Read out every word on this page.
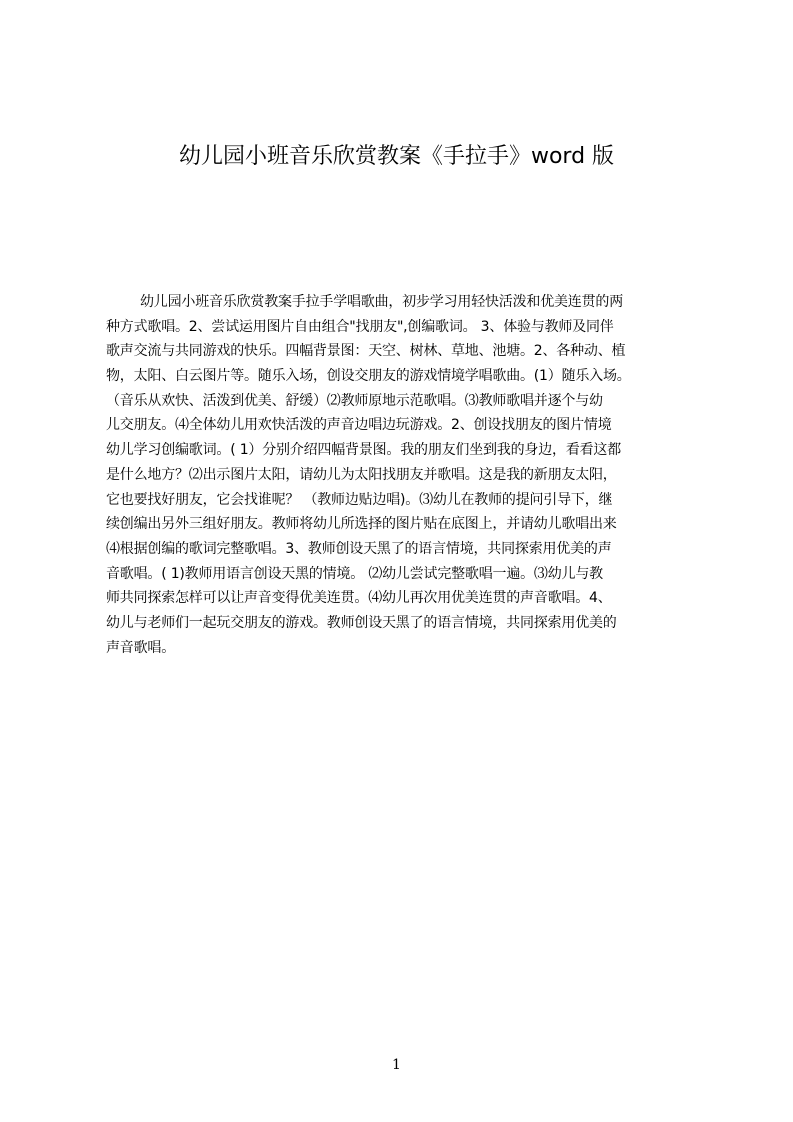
幼儿园小班音乐欣赏教案《手拉手》word 版
幼儿园小班音乐欣赏教案手拉手学唱歌曲，初步学习用轻快活泼和优美连贯的两
种方式歌唱。2、尝试运用图片自由组合"找朋友",创编歌词。 3、体验与教师及同伴
歌声交流与共同游戏的快乐。四幅背景图：天空、树林、草地、池塘。2、各种动、植
物，太阳、白云图片等。随乐入场，创设交朋友的游戏情境学唱歌曲。(1）随乐入场。
（音乐从欢快、活泼到优美、舒缓）⑵教师原地示范歌唱。⑶教师歌唱并逐个与幼
儿交朋友。⑷全体幼儿用欢快活泼的声音边唱边玩游戏。2、创设找朋友的图片情境
幼儿学习创编歌词。( 1）分别介绍四幅背景图。我的朋友们坐到我的身边，看看这都
是什么地方？⑵出示图片太阳，请幼儿为太阳找朋友并歌唱。这是我的新朋友太阳，
它也要找好朋友，它会找谁呢？ （教师边贴边唱)。⑶幼儿在教师的提问引导下，继
续创编出另外三组好朋友。教师将幼儿所选择的图片贴在底图上，并请幼儿歌唱出来
⑷根据创编的歌词完整歌唱。3、教师创设天黑了的语言情境，共同探索用优美的声
音歌唱。( 1)教师用语言创设天黑的情境。 ⑵幼儿尝试完整歌唱一遍。⑶幼儿与教
师共同探索怎样可以让声音变得优美连贯。⑷幼儿再次用优美连贯的声音歌唱。4、
幼儿与老师们一起玩交朋友的游戏。教师创设天黑了的语言情境，共同探索用优美的
声音歌唱。
1
